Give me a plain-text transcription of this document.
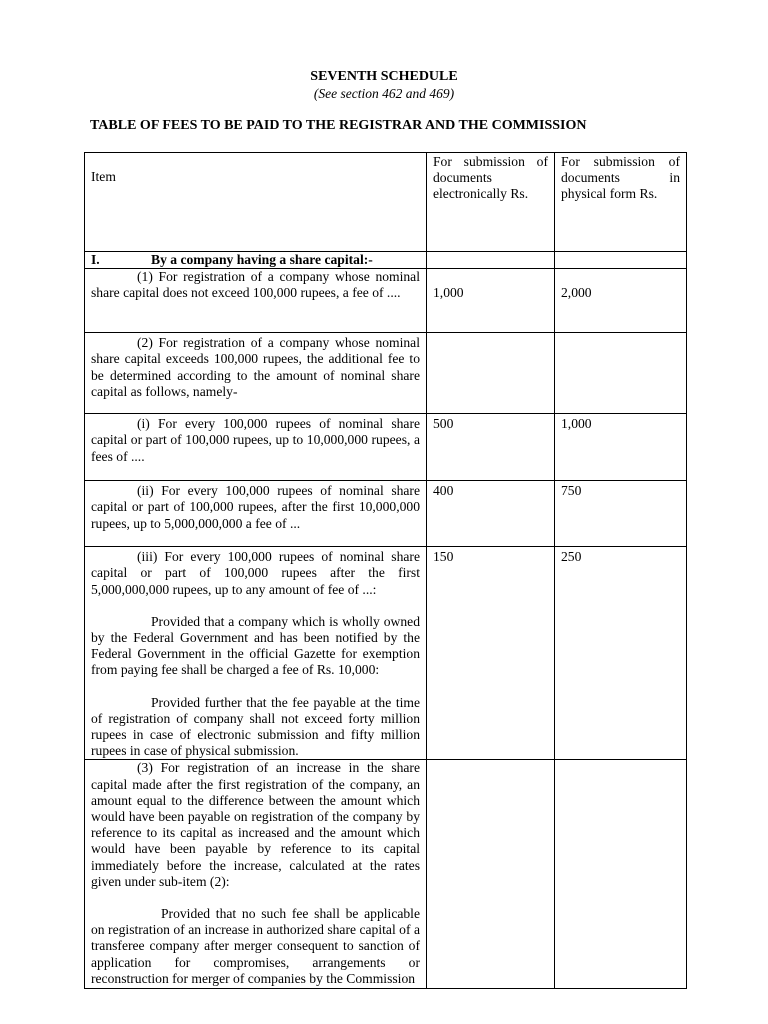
SEVENTH SCHEDULE
(See section 462 and 469)
TABLE OF FEES TO BE PAID TO THE REGISTRAR AND THE COMMISSION
Item	For submission of documents electronically Rs.	For submission of documents in physical form Rs.
I. By a company having a share capital:-		
(1) For registration of a company whose nominal share capital does not exceed 100,000 rupees, a fee of ....	1,000	2,000
(2) For registration of a company whose nominal share capital exceeds 100,000 rupees, the additional fee to be determined according to the amount of nominal share capital as follows, namely-		
(i) For every 100,000 rupees of nominal share capital or part of 100,000 rupees, up to 10,000,000 rupees, a fees of ....	500	1,000
(ii) For every 100,000 rupees of nominal share capital or part of 100,000 rupees, after the first 10,000,000 rupees, up to 5,000,000,000 a fee of ...	400	750

(iii) For every 100,000 rupees of nominal share capital or part of 100,000 rupees after the first 5,000,000,000 rupees, up to any amount of fee of ...:

Provided that a company which is wholly owned by the Federal Government and has been notified by the Federal Government in the official Gazette for exemption from paying fee shall be charged a fee of Rs. 10,000:

Provided further that the fee payable at the time of registration of company shall not exceed forty million rupees in case of electronic submission and fifty million rupees in case of physical submission.	150	250

(3) For registration of an increase in the share capital made after the first registration of the company, an amount equal to the difference between the amount which would have been payable on registration of the company by reference to its capital as increased and the amount which would have been payable by reference to its capital immediately before the increase, calculated at the rates given under sub-item (2):

Provided that no such fee shall be applicable on registration of an increase in authorized share capital of a transferee company after merger consequent to sanction of application for compromises, arrangements or reconstruction for merger of companies by the Commission		
